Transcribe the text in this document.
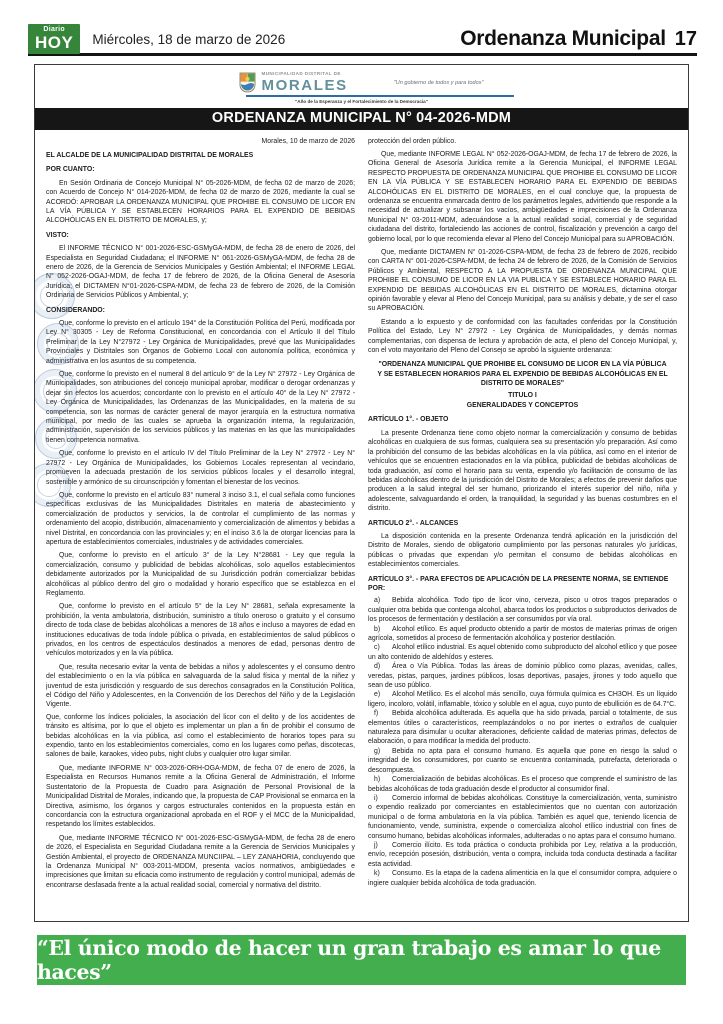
Diario
HOY Miércoles, 18 de marzo de 2026	Ordenanza Municipal 17
MUNICIPALIDAD DISTRITAL DE
MORALES	"Un gobierno de todos y para todos"
"Año de la Esperanza y el Fortalecimiento de la Democracia"
ORDENANZA MUNICIPAL N° 04-2026-MDM
Morales, 10 de marzo de 2026
EL ALCALDE DE LA MUNICIPALIDAD DISTRITAL DE MORALES
POR CUANTO:
En Sesión Ordinaria de Concejo Municipal N° 05-2026-MDM, de fecha 02 de marzo de 2026; con Acuerdo de Concejo N° 014-2026-MDM, de fecha 02 de marzo de 2026, mediante la cual se ACORDÓ: APROBAR LA ORDENANZA MUNICIPAL QUE PROHIBE EL CONSUMO DE LICOR EN LA VÍA PÚBLICA Y SE ESTABLECEN HORARIOS PARA EL EXPENDIO DE BEBIDAS ALCOHÓLICAS EN EL DISTRITO DE MORALES, y;
VISTO:
El INFORME TÉCNICO N° 001-2026-ESC-GSMyGA-MDM, de fecha 28 de enero de 2026, del Especialista en Seguridad Ciudadana; el INFORME N° 061-2026-GSMyGA-MDM, de fecha 28 de enero de 2026, de la Gerencia de Servicios Municipales y Gestión Ambiental; el INFORME LEGAL N° 052-2026-OGAJ-MDM, de fecha 17 de febrero de 2026, de la Oficina General de Asesoría Jurídica; el DICTAMEN N°01-2026-CSPA-MDM, de fecha 23 de febrero de 2026, de la Comisión Ordinaria de Servicios Públicos y Ambiental, y;
CONSIDERANDO:
Que, conforme lo previsto en el artículo 194° de la Constitución Política del Perú, modificada por Ley N° 30305 - Ley de Reforma Constitucional, en concordancia con el Artículo II del Título Preliminar de la Ley N°27972 - Ley Orgánica de Municipalidades, prevé que las Municipalidades Provinciales y Distritales son Órganos de Gobierno Local con autonomía política, económica y administrativa en los asuntos de su competencia.
Que, conforme lo previsto en el numeral 8 del artículo 9° de la Ley N° 27972 - Ley Orgánica de Municipalidades, son atribuciones del concejo municipal aprobar, modificar o derogar ordenanzas y dejar sin efectos los acuerdos; concordante con lo previsto en el artículo 40° de la Ley N° 27972 - Ley Orgánica de Municipalidades, las Ordenanzas de las Municipalidades, en la materia de su competencia, son las normas de carácter general de mayor jerarquía en la estructura normativa municipal, por medio de las cuales se aprueba la organización interna, la regularización, administración, supervisión de los servicios públicos y las materias en las que las municipalidades tienen competencia normativa.
Que, conforme lo previsto en el artículo IV del Título Preliminar de la Ley N° 27972 - Ley N° 27972 - Ley Orgánica de Municipalidades, los Gobiernos Locales representan al vecindario, promueven la adecuada prestación de los servicios públicos locales y el desarrollo integral, sostenible y armónico de su circunscripción y fomentan el bienestar de los vecinos.
Que, conforme lo previsto en el artículo 83° numeral 3 inciso 3.1, el cual señala como funciones específicas exclusivas de las Municipalidades Distritales en materia de abastecimiento y comercialización de productos y servicios, la de controlar el cumplimiento de las normas y ordenamiento del acopio, distribución, almacenamiento y comercialización de alimentos y bebidas a nivel Distrital, en concordancia con las provinciales y; en el inciso 3.6 la de otorgar licencias para la apertura de establecimientos comerciales, industriales y de actividades comerciales.
Que, conforme lo previsto en el artículo 3° de la Ley N°28681 - Ley que regula la comercialización, consumo y publicidad de bebidas alcohólicas, solo aquellos establecimientos debidamente autorizados por la Municipalidad de su Jurisdicción podrán comercializar bebidas alcohólicas al público dentro del giro o modalidad y horario específico que se establezca en el Reglamento.
Que, conforme lo previsto en el artículo 5° de la Ley N° 28681, señala expresamente la prohibición, la venta ambulatoria, distribución, suministro a título oneroso o gratuito y el consumo directo de toda clase de bebidas alcohólicas a menores de 18 años e incluso a mayores de edad en instituciones educativas de toda índole pública o privada, en establecimientos de salud públicos o privados, en los centros de espectáculos destinados a menores de edad, personas dentro de vehículos motorizados y en la vía pública.
Que, resulta necesario evitar la venta de bebidas a niños y adolescentes y el consumo dentro del establecimiento o en la vía pública en salvaguarda de la salud física y mental de la niñez y juventud de esta jurisdicción y resguardo de sus derechos consagrados en la Constitución Política, el Código del Niño y Adolescentes, en la Convención de los Derechos del Niño y de la Legislación Vigente.
Que, conforme los índices policiales, la asociación del licor con el delito y de los accidentes de tránsito es altísima, por lo que el objeto es implementar un plan a fin de prohibir el consumo de bebidas alcohólicas en la vía pública, así como el establecimiento de horarios topes para su expendio, tanto en los establecimientos comerciales, como en los lugares como peñas, discotecas, salones de baile, karaokes, video pubs, night clubs y cualquier otro lugar similar.
Que, mediante INFORME N° 003-2026-ORH-OGA-MDM, de fecha 07 de enero de 2026, la Especialista en Recursos Humanos remite a la Oficina General de Administración, el Informe Sustentatorio de la Propuesta de Cuadro para Asignación de Personal Provisional de la Municipalidad Distrital de Morales, indicando que, la propuesta de CAP Provisional se enmarca en la Directiva, asimismo, los órganos y cargos estructurales contenidos en la propuesta están en concordancia con la estructura organizacional aprobada en el ROF y el MCC de la Municipalidad, respetando los límites establecidos.
Que, mediante INFORME TÉCNICO N° 001-2026-ESC-GSMyGA-MDM, de fecha 28 de enero de 2026, el Especialista en Seguridad Ciudadana remite a la Gerencia de Servicios Municipales y Gestión Ambiental, el proyecto de ORDENANZA MUNCIIPAL – LEY ZANAHORIA, concluyendo que la Ordenanza Municipal N° 003-2011-MDDM, presenta vacíos normativos, ambigüedades e imprecisiones que limitan su eficacia como instrumento de regulación y control municipal, además de encontrarse desfasada frente a la actual realidad social, comercial y normativa del distrito.
protección del orden público.
Que, mediante INFORME LEGAL N° 052-2026-OGAJ-MDM, de fecha 17 de febrero de 2026, la Oficina General de Asesoría Jurídica remite a la Gerencia Municipal, el INFORME LEGAL RESPECTO PROPUESTA DE ORDENANZA MUNICIPAL QUE PROHIBE EL CONSUMO DE LICOR EN LA VÍA PÚBLICA Y SE ESTABLECEN HORARIO PARA EL EXPENDIO DE BEBIDAS ALCOHÓLICAS EN EL DISTRITO DE MORALES, en el cual concluye que, la propuesta de ordenanza se encuentra enmarcada dentro de los parámetros legales, advirtiendo que responde a la necesidad de actualizar y subsanar los vacíos, ambigüedades e imprecisiones de la Ordenanza Municipal N° 03-2011-MDM, adecuándose a la actual realidad social, comercial y de seguridad ciudadana del distrito, fortaleciendo las acciones de control, fiscalización y prevención a cargo del gobierno local, por lo que recomienda elevar al Pleno del Concejo Municipal para su APROBACIÓN.
Que, mediante DICTAMEN N° 01-2026-CSPA-MDM, de fecha 23 de febrero de 2026, recibido con CARTA N° 001-2026-CSPA-MDM, de fecha 24 de febrero de 2026, de la Comisión de Servicios Públicos y Ambiental, RESPECTO A LA PROPUESTA DE ORDENANZA MUNICIPAL QUE PROHIBE EL CONSUMO DE LICOR EN LA VIA PUBLICA Y SE ESTABLECE HORARIO PARA EL EXPENDIO DE BEBIDAS ALCOHÓLICAS EN EL DISTRITO DE MORALES, dictamina otorgar opinión favorable y elevar al Pleno del Concejo Municipal, para su análisis y debate, y de ser el caso su APROBACIÓN.
Estando a lo expuesto y de conformidad con las facultades conferidas por la Constitución Política del Estado, Ley N° 27972 - Ley Orgánica de Municipalidades, y demás normas complementarias, con dispensa de lectura y aprobación de acta, el pleno del Concejo Municipal, y, con el voto mayoritario del Pleno del Consejo se aprobó la siguiente ordenanza:
"ORDENANZA MUNICIPAL QUE PROHIBE EL CONSUMO DE LICOR EN LA VÍA PÚBLICA Y SE ESTABLECEN HORARIOS PARA EL EXPENDIO DE BEBIDAS ALCOHÓLICAS EN EL DISTRITO DE MORALES"
TITULO I
GENERALIDADES Y CONCEPTOS
ARTÍCULO 1°. - OBJETO
La presente Ordenanza tiene como objeto normar la comercialización y consumo de bebidas alcohólicas en cualquiera de sus formas, cualquiera sea su presentación y/o preparación. Así como la prohibición del consumo de las bebidas alcohólicas en la vía pública, así como en el interior de vehículos que se encuentren estacionados en la vía pública, publicidad de bebidas alcohólicas de toda graduación, así como el horario para su venta, expendio y/o facilitación de consumo de las bebidas alcohólicas dentro de la jurisdicción del Distrito de Morales; a efectos de prevenir daños que producen a la salud integral del ser humano, priorizando el interés superior del niño, niña y adolescente, salvaguardando el orden, la tranquilidad, la seguridad y las buenas costumbres en el distrito.
ARTICULO 2°. - ALCANCES
La disposición contenida en la presente Ordenanza tendrá aplicación en la jurisdicción del Distrito de Morales, siendo de obligatorio cumplimiento por las personas naturales y/o jurídicas, públicas o privadas que expendan y/o permitan el consumo de bebidas alcohólicas en establecimientos comerciales.
ARTÍCULO 3°. - PARA EFECTOS DE APLICACIÓN DE LA PRESENTE NORMA, SE ENTIENDE POR:
a) Bebida alcohólica. Todo tipo de licor vino, cerveza, pisco u otros tragos preparados o cualquier otra bebida que contenga alcohol, abarca todos los productos o subproductos derivados de los procesos de fermentación y destilación a ser consumidos por vía oral.
b) Alcohol etílico. Es aquel producto obtenido a partir de mostos de materias primas de origen agrícola, sometidos al proceso de fermentación alcohólica y posterior destilación.
c) Alcohol etílico industrial. Es aquel obtenido como subproducto del alcohol etílico y que posee un alto contenido de aldehídos y esteres.
d) Área o Vía Pública. Todas las áreas de dominio público como plazas, avenidas, calles, veredas, pistas, parques, jardines públicos, losas deportivas, pasajes, jirones y todo aquello que sean de uso público.
e) Alcohol Metílico. Es el alcohol más sencillo, cuya fórmula química es CH3OH. Es un líquido ligero, incoloro, volátil, inflamable, tóxico y soluble en el agua, cuyo punto de ebullición es de 64.7°C.
f) Bebida alcohólica adulterada. Es aquella que ha sido privada, parcial o totalmente, de sus elementos útiles o característicos, reemplazándolos o no por inertes o extraños de cualquier naturaleza para disimular u ocultar alteraciones, deficiente calidad de materias primas, defectos de elaboración, o para modificar la medida del producto.
g) Bebida no apta para el consumo humano. Es aquella que pone en riesgo la salud o integridad de los consumidores, por cuanto se encuentra contaminada, putrefacta, deteriorada o descompuesta.
h) Comercialización de bebidas alcohólicas. Es el proceso que comprende el suministro de las bebidas alcohólicas de toda graduación desde el productor al consumidor final.
i) Comercio informal de bebidas alcohólicas. Constituye la comercialización, venta, suministro o expendio realizado por comerciantes en establecimientos que no cuentan con autorización municipal o de forma ambulatoria en la vía pública. También es aquel que, teniendo licencia de funcionamiento, vende, suministra, expende o comercializa alcohol etílico industrial con fines de consumo humano, bebidas alcohólicas informales, adulteradas o no aptas para el consumo humano.
j) Comercio ilícito. Es toda práctica o conducta prohibida por Ley, relativa a la producción, envío, recepción posesión, distribución, venta o compra, incluida toda conducta destinada a facilitar esta actividad.
k) Consumo. Es la etapa de la cadena alimenticia en la que el consumidor compra, adquiere o ingiere cualquier bebida alcohólica de toda graduación.
“El único modo de hacer un gran trabajo es amar lo que haces”
